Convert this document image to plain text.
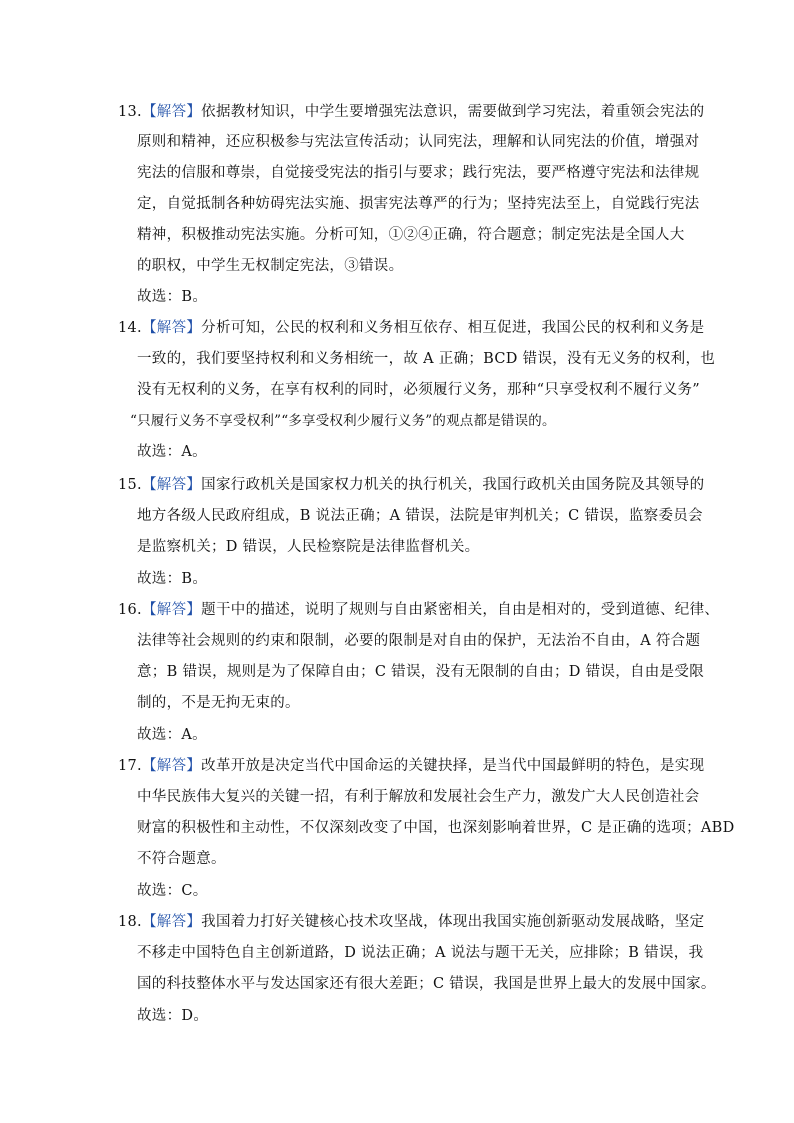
13.【解答】依据教材知识，中学生要增强宪法意识，需要做到学习宪法，着重领会宪法的
原则和精神，还应积极参与宪法宣传活动；认同宪法，理解和认同宪法的价值，增强对
宪法的信服和尊崇，自觉接受宪法的指引与要求；践行宪法，要严格遵守宪法和法律规
定，自觉抵制各种妨碍宪法实施、损害宪法尊严的行为；坚持宪法至上，自觉践行宪法
精神，积极推动宪法实施。分析可知，①②④正确，符合题意；制定宪法是全国人大
的职权，中学生无权制定宪法，③错误。
故选：B。
14.【解答】分析可知，公民的权利和义务相互依存、相互促进，我国公民的权利和义务是
一致的，我们要坚持权利和义务相统一，故 A 正确；BCD 错误，没有无义务的权利，也
没有无权利的义务，在享有权利的同时，必须履行义务，那种“只享受权利不履行义务”
“只履行义务不享受权利”“多享受权利少履行义务”的观点都是错误的。
故选：A。
15.【解答】国家行政机关是国家权力机关的执行机关，我国行政机关由国务院及其领导的
地方各级人民政府组成，B 说法正确；A 错误，法院是审判机关；C 错误，监察委员会
是监察机关；D 错误，人民检察院是法律监督机关。
故选：B。
16.【解答】题干中的描述，说明了规则与自由紧密相关，自由是相对的，受到道德、纪律、
法律等社会规则的约束和限制，必要的限制是对自由的保护，无法治不自由，A 符合题
意；B 错误，规则是为了保障自由；C 错误，没有无限制的自由；D 错误，自由是受限
制的，不是无拘无束的。
故选：A。
17.【解答】改革开放是决定当代中国命运的关键抉择，是当代中国最鲜明的特色，是实现
中华民族伟大复兴的关键一招，有利于解放和发展社会生产力，激发广大人民创造社会
财富的积极性和主动性，不仅深刻改变了中国，也深刻影响着世界，C 是正确的选项；ABD
不符合题意。
故选：C。
18.【解答】我国着力打好关键核心技术攻坚战，体现出我国实施创新驱动发展战略，坚定
不移走中国特色自主创新道路，D 说法正确；A 说法与题干无关，应排除；B 错误，我
国的科技整体水平与发达国家还有很大差距；C 错误，我国是世界上最大的发展中国家。
故选：D。
